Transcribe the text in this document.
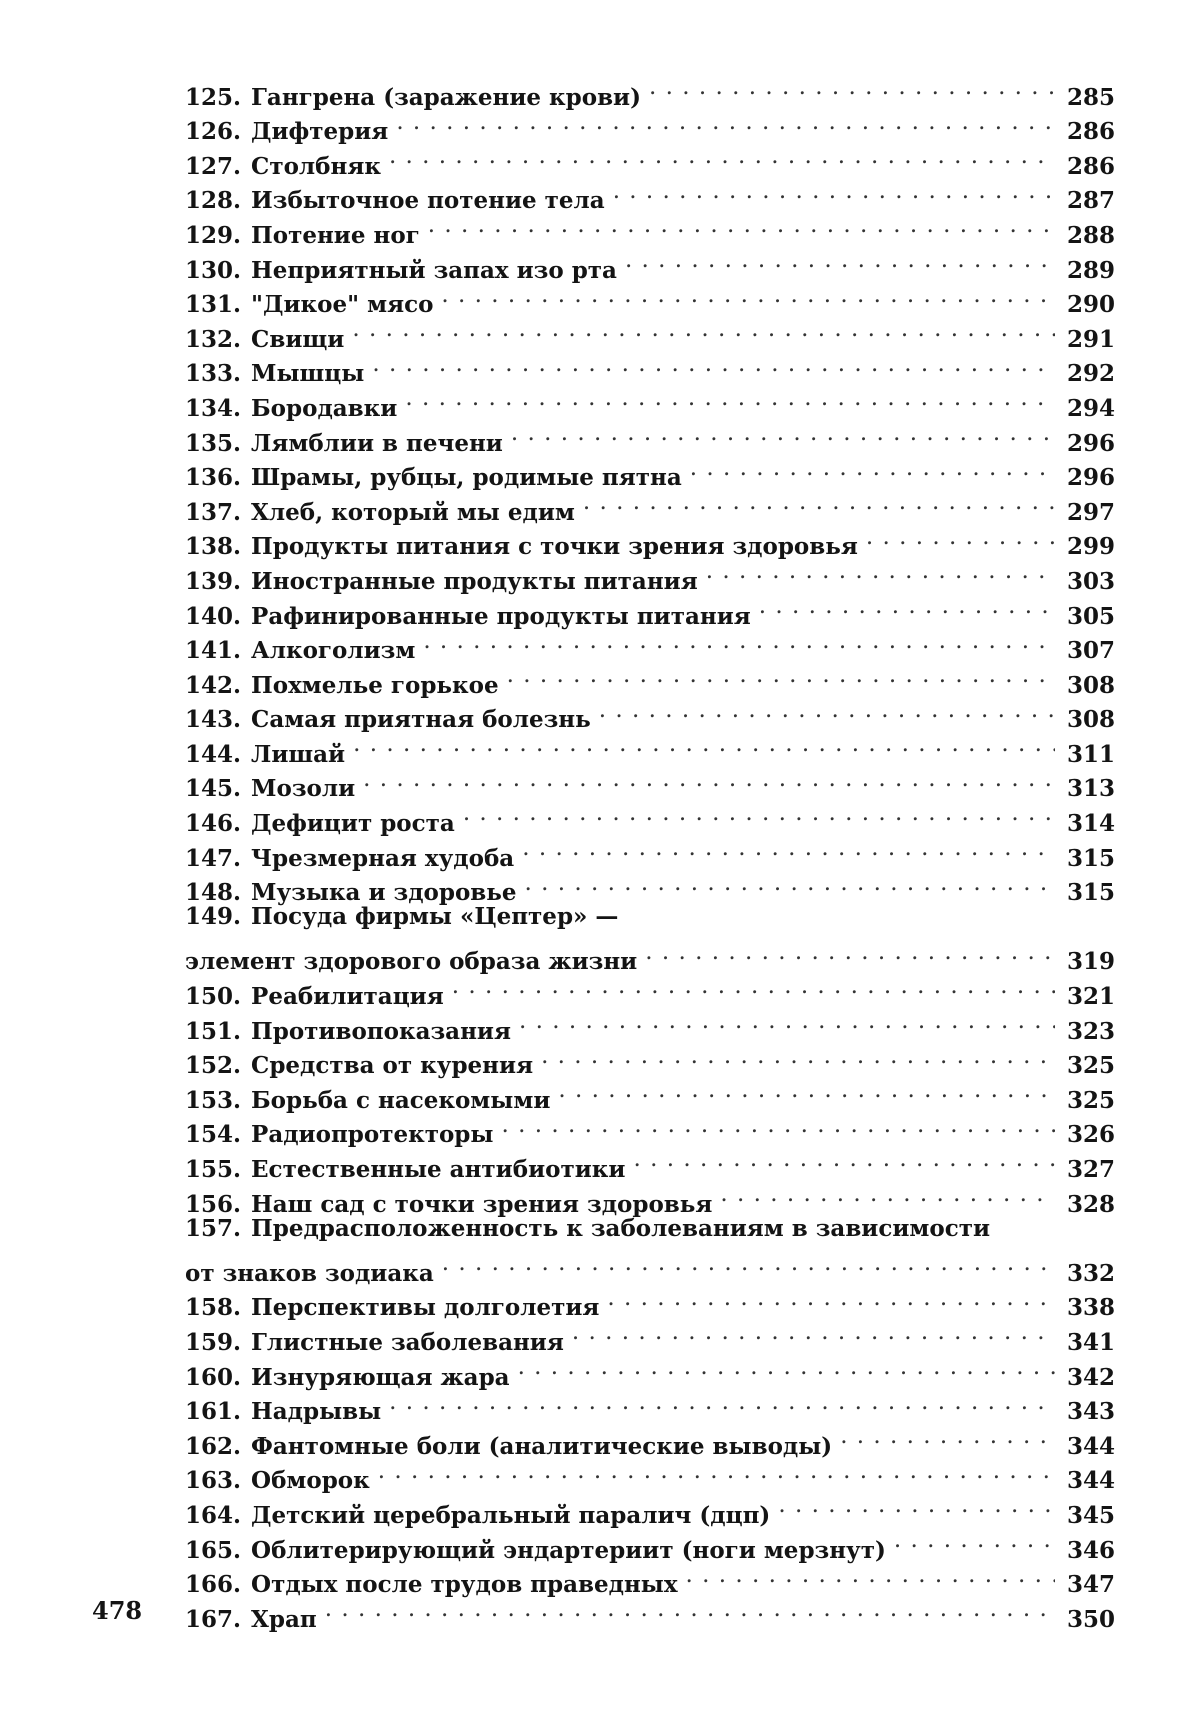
125. Гангрена (заражение крови) . . .	285
126. Дифтерия . . .	286
127. Столбняк . . .	286
128. Избыточное потение тела . . .	287
129. Потение ног . . .	288
130. Неприятный запах изо рта . . .	289
131. "Дикое" мясо . . .	290
132. Свищи . . .	291
133. Мышцы . . .	292
134. Бородавки . . .	294
135. Лямблии в печени . . .	296
136. Шрамы, рубцы, родимые пятна . . .	296
137. Хлеб, который мы едим . . .	297
138. Продукты питания с точки зрения здоровья . . .	299
139. Иностранные продукты питания . . .	303
140. Рафинированные продукты питания . . .	305
141. Алкоголизм . . .	307
142. Похмелье горькое . . .	308
143. Самая приятная болезнь . . .	308
144. Лишай . . .	311
145. Мозоли . . .	313
146. Дефицит роста . . .	314
147. Чрезмерная худоба . . .	315
148. Музыка и здоровье . . .	315
149. Посуда фирмы «Цептер» —
элемент здорового образа жизни . . .	319
150. Реабилитация . . .	321
151. Противопоказания . . .	323
152. Средства от курения . . .	325
153. Борьба с насекомыми . . .	325
154. Радиопротекторы . . .	326
155. Естественные антибиотики . . .	327
156. Наш сад с точки зрения здоровья . . .	328
157. Предрасположенность к заболеваниям в зависимости
от знаков зодиака . . .	332
158. Перспективы долголетия . . .	338
159. Глистные заболевания . . .	341
160. Изнуряющая жара . . .	342
161. Надрывы . . .	343
162. Фантомные боли (аналитические выводы) . . .	344
163. Обморок . . .	344
164. Детский церебральный паралич (дцп) . . .	345
165. Облитерирующий эндартериит (ноги мерзнут) . . .	346
166. Отдых после трудов праведных . . .	347
167. Храп . . .	350
478
